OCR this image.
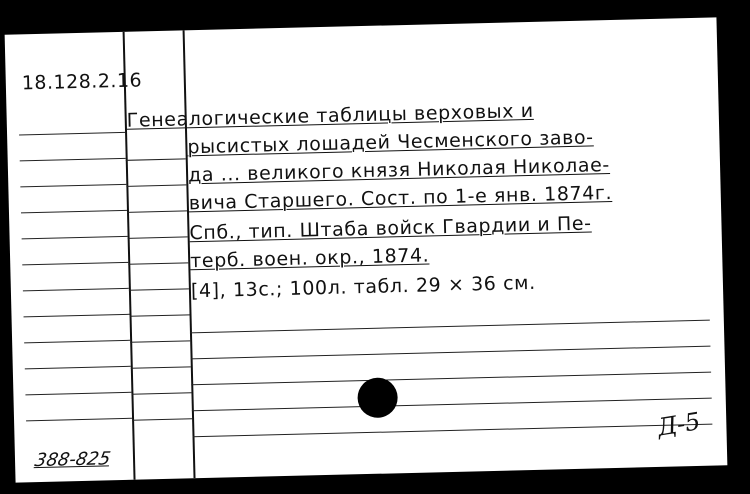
18.128.2.16
Генеалогические таблицы верховых и
рысистых лошадей Чесменского заво-
да ... великого князя Николая Николае-
вича Старшего. Сост. по 1-е янв. 1874г.
Спб., тип. Штаба войск Гвардии и Пе-
терб. воен. окр., 1874.
[4], 13с.; 100л. табл. 29 × 36 см.
388-825
Д-5
